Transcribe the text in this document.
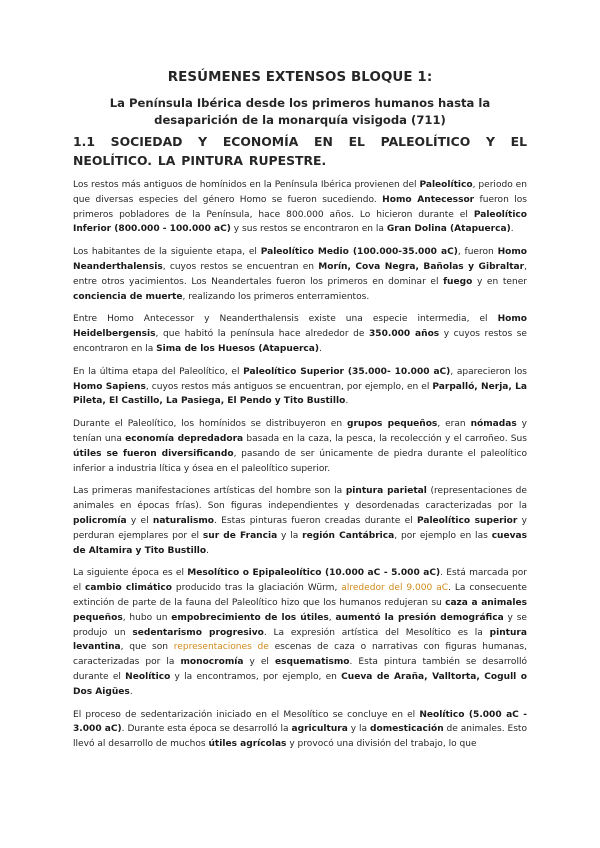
RESÚMENES EXTENSOS BLOQUE 1:
La Península Ibérica desde los primeros humanos hasta la desaparición de la monarquía visigoda (711)
1.1 SOCIEDAD Y ECONOMÍA EN EL PALEOLÍTICO Y EL NEOLÍTICO. LA PINTURA RUPESTRE.

Los restos más antiguos de homínidos en la Península Ibérica provienen del Paleolítico, periodo en que diversas especies del género Homo se fueron sucediendo. Homo Antecessor fueron los primeros pobladores de la Península, hace 800.000 años. Lo hicieron durante el Paleolítico Inferior (800.000 - 100.000 aC) y sus restos se encontraron en la Gran Dolina (Atapuerca).

Los habitantes de la siguiente etapa, el Paleolítico Medio (100.000-35.000 aC), fueron Homo Neanderthalensis, cuyos restos se encuentran en Morín, Cova Negra, Bañolas y Gibraltar, entre otros yacimientos. Los Neandertales fueron los primeros en dominar el fuego y en tener conciencia de muerte, realizando los primeros enterramientos.

Entre Homo Antecessor y Neanderthalensis existe una especie intermedia, el Homo Heidelbergensis, que habitó la península hace alrededor de 350.000 años y cuyos restos se encontraron en la Sima de los Huesos (Atapuerca).

En la última etapa del Paleolítico, el Paleolítico Superior (35.000- 10.000 aC), aparecieron los Homo Sapiens, cuyos restos más antiguos se encuentran, por ejemplo, en el Parpalló, Nerja, La Pileta, El Castillo, La Pasiega, El Pendo y Tito Bustillo.

Durante el Paleolítico, los homínidos se distribuyeron en grupos pequeños, eran nómadas y tenían una economía depredadora basada en la caza, la pesca, la recolección y el carroñeo. Sus útiles se fueron diversificando, pasando de ser únicamente de piedra durante el paleolítico inferior a industria lítica y ósea en el paleolítico superior.

Las primeras manifestaciones artísticas del hombre son la pintura parietal (representaciones de animales en épocas frías). Son figuras independientes y desordenadas caracterizadas por la policromía y el naturalismo. Estas pinturas fueron creadas durante el Paleolítico superior y perduran ejemplares por el sur de Francia y la región Cantábrica, por ejemplo en las cuevas de Altamira y Tito Bustillo.

La siguiente época es el Mesolítico o Epipaleolítico (10.000 aC - 5.000 aC). Está marcada por el cambio climático producido tras la glaciación Würm, alrededor del 9.000 aC. La consecuente extinción de parte de la fauna del Paleolítico hizo que los humanos redujeran su caza a animales pequeños, hubo un empobrecimiento de los útiles, aumentó la presión demográfica y se produjo un sedentarismo progresivo. La expresión artística del Mesolítico es la pintura levantina, que son representaciones de escenas de caza o narrativas con figuras humanas, caracterizadas por la monocromía y el esquematismo. Esta pintura también se desarrolló durante el Neolítico y la encontramos, por ejemplo, en Cueva de Araña, Valltorta, Cogull o Dos Aigües.

El proceso de sedentarización iniciado en el Mesolítico se concluye en el Neolítico (5.000 aC - 3.000 aC). Durante esta época se desarrolló la agricultura y la domesticación de animales. Esto llevó al desarrollo de muchos útiles agrícolas y provocó una división del trabajo, lo que
